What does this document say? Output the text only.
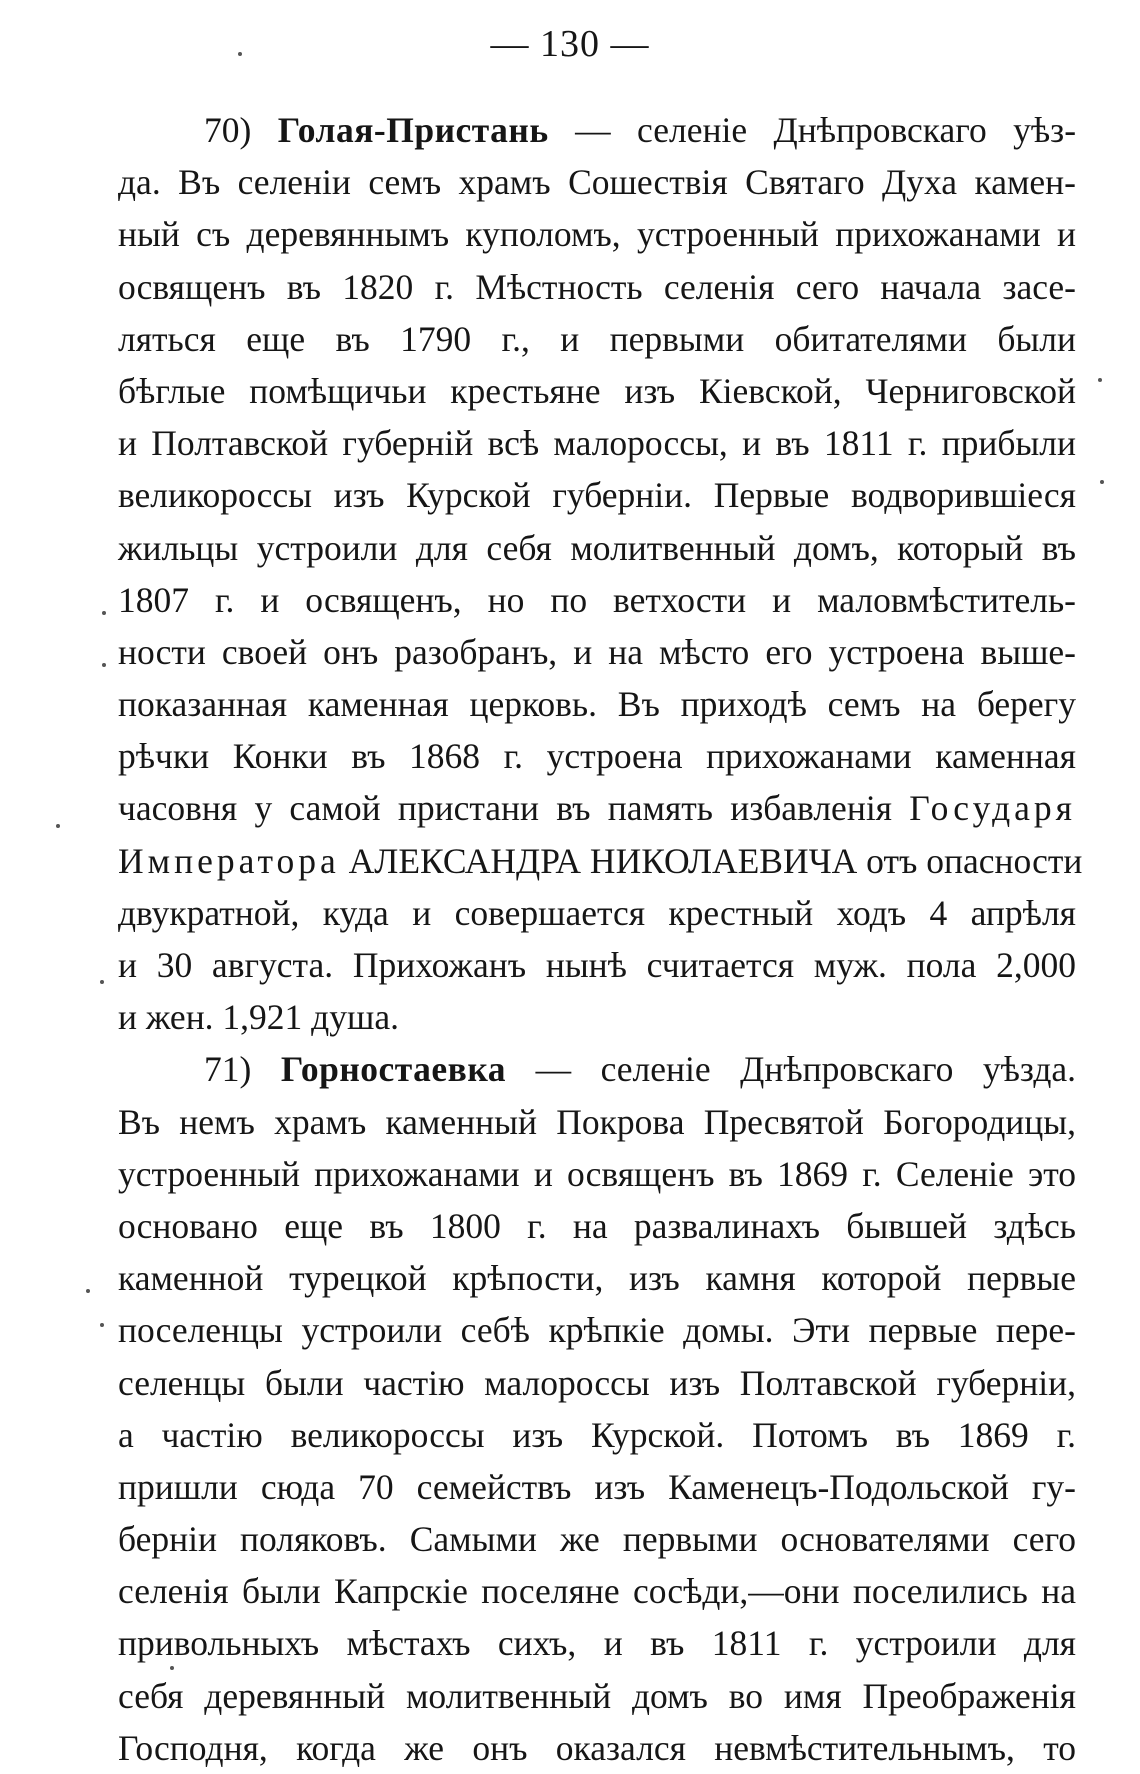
— 130 —
70) Голая-Пристань — селеніе Днѣпровскаго уѣз-
да. Въ селеніи семъ храмъ Сошествія Святаго Духа камен-
ный съ деревяннымъ куполомъ, устроенный прихожанами и
освященъ въ 1820 г. Мѣстность селенія сего начала засе-
ляться еще въ 1790 г., и первыми обитателями были
бѣглые помѣщичьи крестьяне изъ Кіевской, Черниговской
и Полтавской губерній всѣ малороссы, и въ 1811 г. прибыли
великороссы изъ Курской губерніи. Первые водворившіеся
жильцы устроили для себя молитвенный домъ, который въ
1807 г. и освященъ, но по ветхости и маловмѣститель-
ности своей онъ разобранъ, и на мѣсто его устроена выше-
показанная каменная церковь. Въ приходѣ семъ на берегу
рѣчки Конки въ 1868 г. устроена прихожанами каменная
часовня у самой пристани въ память избавленія Государя
Императора АЛЕКСАНДРА НИКОЛАЕВИЧА отъ опасности
двукратной, куда и совершается крестный ходъ 4 апрѣля
и 30 августа. Прихожанъ нынѣ считается муж. пола 2,000
и жен. 1,921 душа.
71) Горностаевка — селеніе Днѣпровскаго уѣзда.
Въ немъ храмъ каменный Покрова Пресвятой Богородицы,
устроенный прихожанами и освященъ въ 1869 г. Селеніе это
основано еще въ 1800 г. на развалинахъ бывшей здѣсь
каменной турецкой крѣпости, изъ камня которой первые
поселенцы устроили себѣ крѣпкіе домы. Эти первые пере-
селенцы были частію малороссы изъ Полтавской губерніи,
а частію великороссы изъ Курской. Потомъ въ 1869 г.
пришли сюда 70 семействъ изъ Каменецъ-Подольской гу-
берніи поляковъ. Самыми же первыми основателями сего
селенія были Капрскіе поселяне сосѣди,—они поселились на
привольныхъ мѣстахъ сихъ, и въ 1811 г. устроили для
себя деревянный молитвенный домъ во имя Преображенія
Господня, когда же онъ оказался невмѣстительнымъ, то
